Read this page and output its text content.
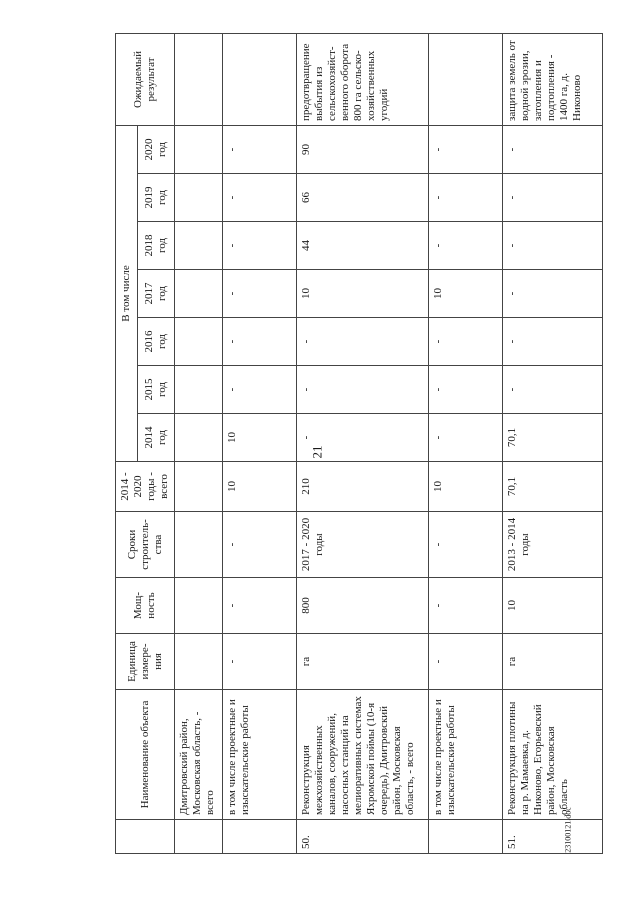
21
	Наименование объекта	Единица измере-ния	Мощ-ность	Сроки строитель-ства	2014 - 2020 годы - всего	В том числе							Ожидаемый результат
						2014 год	2015 год	2016 год	2017 год	2018 год	2019 год	2020 год	
	Дмитровский район, Московская область, - всего												
	в том числе проектные и изыскательские работы	-	-	-	10	10	-	-	-	-	-	-	
50.	Реконструкция межхозяйственных каналов, сооружений, насосных станций на мелиоративных системах Яхромской поймы (10-я очередь), Дмитровский район, Московская область, - всего	га	800	2017 - 2020 годы	210	-	-	-	10	44	66	90	предотвращение выбытия из сельскохозяйст-венного оборота 800 га сельско-хозяйственных угодий
	в том числе проектные и изыскательские работы	-	-	-	10	-	-	-	10	-	-	-	
51.	Реконструкция плотины на р. Мамаевка, д. Никоново, Егорьевский район, Московская область	га	10	2013 - 2014 годы	70,1	70,1	-	-	-	-	-	-	защита земель от водной эрозии, затопления и подтопления - 1400 га, д. Никоново
23100121.doc
